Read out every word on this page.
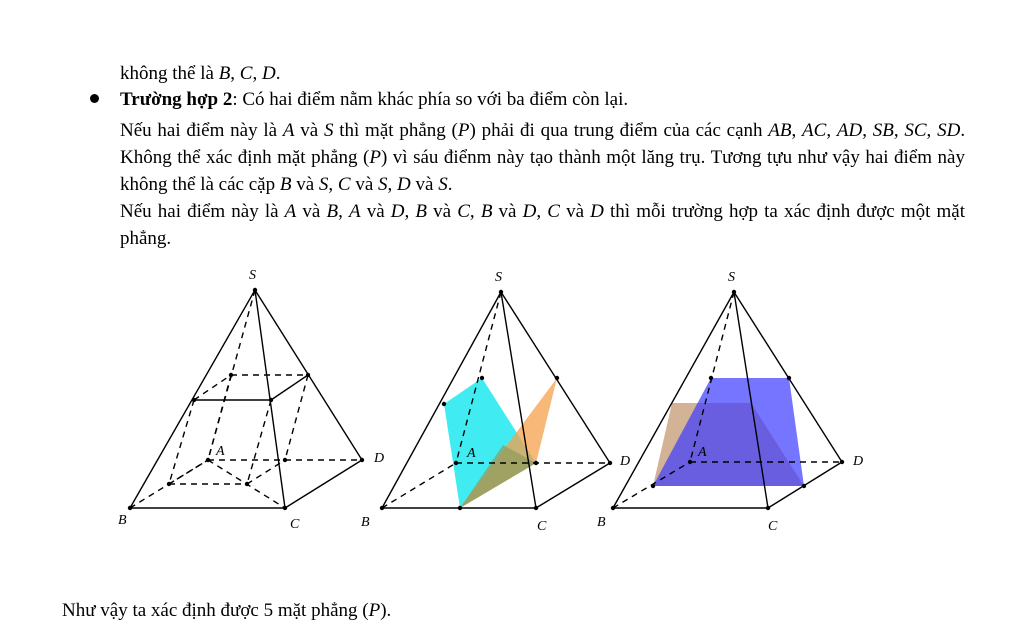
không thể là B, C, D.
Trường hợp 2: Có hai điểm nằm khác phía so với ba điểm còn lại.
Nếu hai điểm này là A và S thì mặt phẳng (P) phải đi qua trung điểm của các cạnh AB, AC, AD, SB, SC, SD. Không thể xác định mặt phẳng (P) vì sáu điểnm này tạo thành một lăng trụ. Tương tựu như vậy hai điểm này không thể là các cặp B và S, C và S, D và S.
Nếu hai điểm này là A và B, A và D, B và C, B và D, C và D thì mỗi trường hợp ta xác định được một mặt phẳng.
S
A
B	C
D
S
A
B	C
D
S
A
B	C
D
Như vậy ta xác định được 5 mặt phẳng (P).
